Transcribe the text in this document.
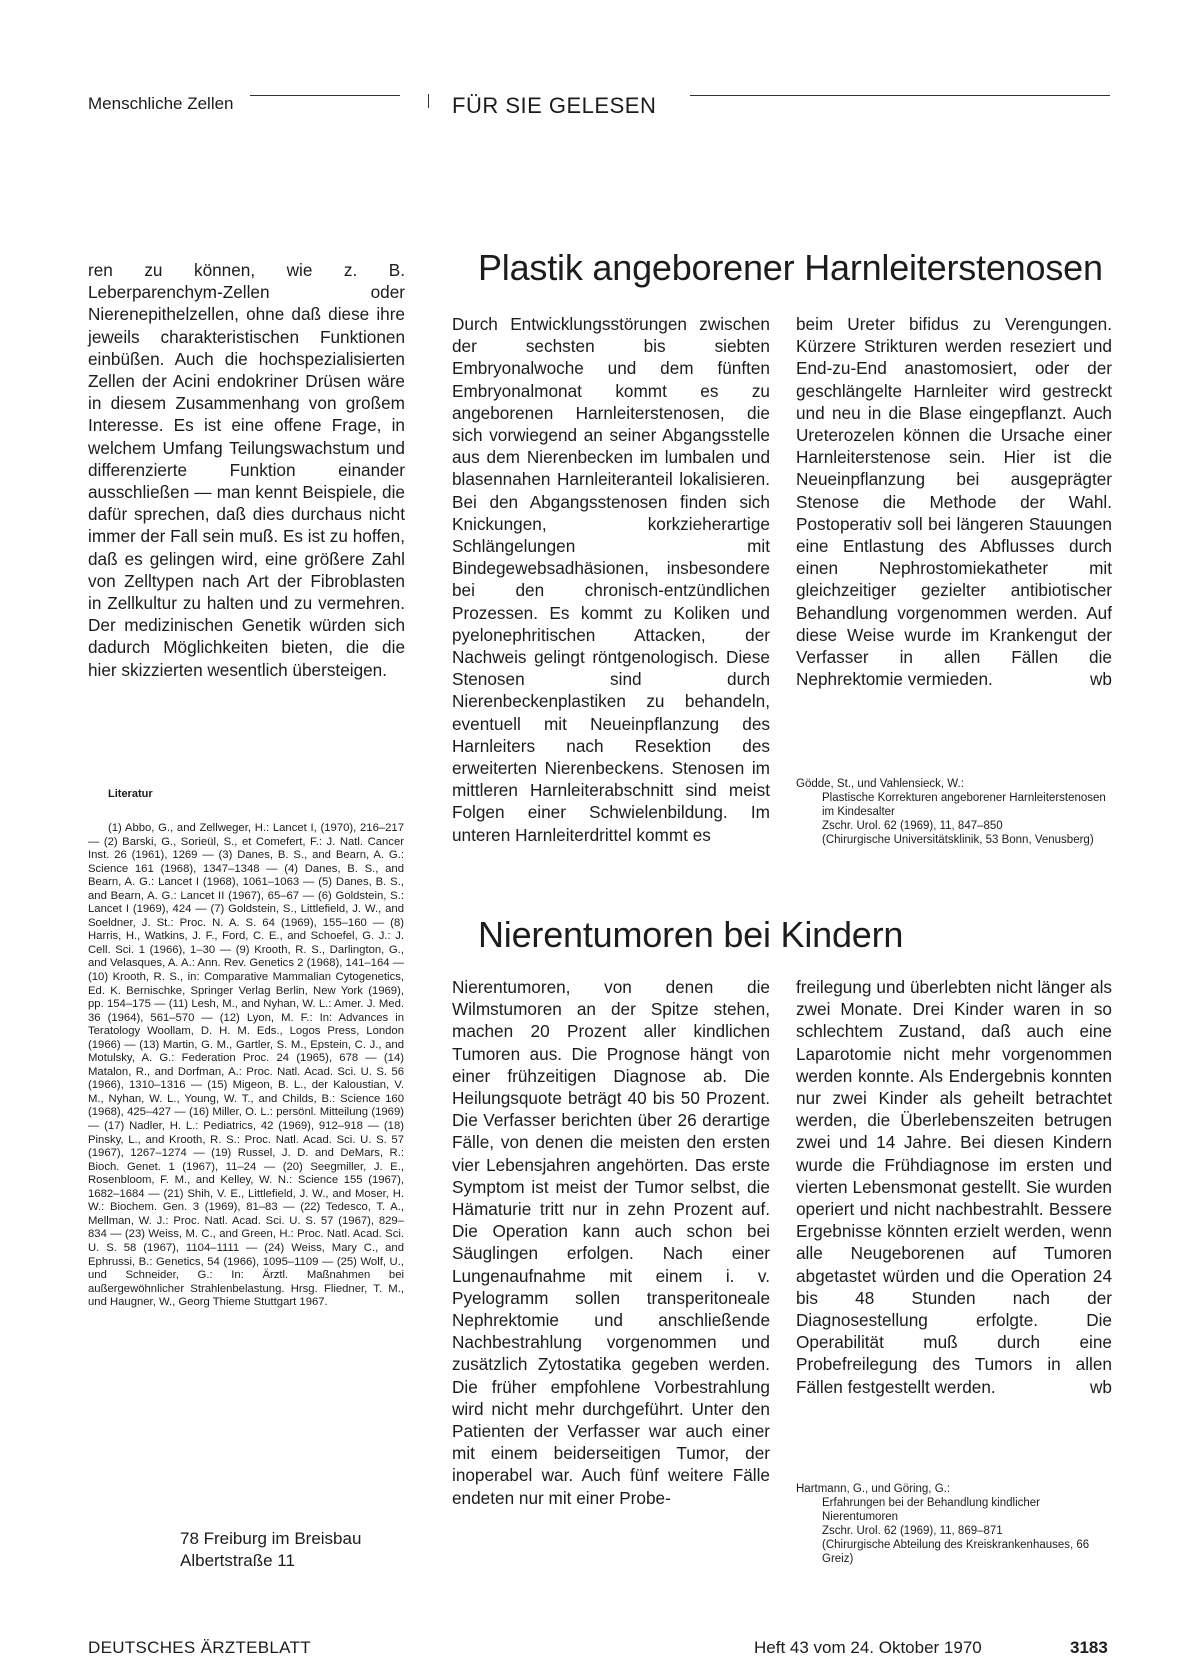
Menschliche Zellen	FÜR SIE GELESEN

ren zu können, wie z. B. Leberparenchym-Zellen oder Nierenepithelzellen, ohne daß diese ihre jeweils charakteristischen Funktionen einbüßen. Auch die hochspezialisierten Zellen der Acini endokriner Drüsen wäre in diesem Zusammenhang von großem Interesse. Es ist eine offene Frage, in welchem Umfang Teilungswachstum und differenzierte Funktion einander ausschließen — man kennt Beispiele, die dafür sprechen, daß dies durchaus nicht immer der Fall sein muß. Es ist zu hoffen, daß es gelingen wird, eine größere Zahl von Zelltypen nach Art der Fibroblasten in Zellkultur zu halten und zu vermehren. Der medizinischen Genetik würden sich dadurch Möglichkeiten bieten, die die hier skizzierten wesentlich übersteigen.

Literatur

(1) Abbo, G., and Zellweger, H.: Lancet I, (1970), 216–217 — (2) Barski, G., Sorieül, S., et Comefert, F.: J. Natl. Cancer Inst. 26 (1961), 1269 — (3) Danes, B. S., and Bearn, A. G.: Science 161 (1968), 1347–1348 — (4) Danes, B. S., and Bearn, A. G.: Lancet I (1968), 1061–1063 — (5) Danes, B. S., and Bearn, A. G.: Lancet II (1967), 65–67 — (6) Goldstein, S.: Lancet I (1969), 424 — (7) Goldstein, S., Littlefield, J. W., and Soeldner, J. St.: Proc. N. A. S. 64 (1969), 155–160 — (8) Harris, H., Watkins, J. F., Ford, C. E., and Schoefel, G. J.: J. Cell. Sci. 1 (1966), 1–30 — (9) Krooth, R. S., Darlington, G., and Velasques, A. A.: Ann. Rev. Genetics 2 (1968), 141–164 — (10) Krooth, R. S., in: Comparative Mammalian Cytogenetics, Ed. K. Bernischke, Springer Verlag Berlin, New York (1969), pp. 154–175 — (11) Lesh, M., and Nyhan, W. L.: Amer. J. Med. 36 (1964), 561–570 — (12) Lyon, M. F.: In: Advances in Teratology Woollam, D. H. M. Eds., Logos Press, London (1966) — (13) Martin, G. M., Gartler, S. M., Epstein, C. J., and Motulsky, A. G.: Federation Proc. 24 (1965), 678 — (14) Matalon, R., and Dorfman, A.: Proc. Natl. Acad. Sci. U. S. 56 (1966), 1310–1316 — (15) Migeon, B. L., der Kaloustian, V. M., Nyhan, W. L., Young, W. T., and Childs, B.: Science 160 (1968), 425–427 — (16) Miller, O. L.: persönl. Mitteilung (1969) — (17) Nadler, H. L.: Pediatrics, 42 (1969), 912–918 — (18) Pinsky, L., and Krooth, R. S.: Proc. Natl. Acad. Sci. U. S. 57 (1967), 1267–1274 — (19) Russel, J. D. and DeMars, R.: Bioch. Genet. 1 (1967), 11–24 — (20) Seegmiller, J. E., Rosenbloom, F. M., and Kelley, W. N.: Science 155 (1967), 1682–1684 — (21) Shih, V. E., Littlefield, J. W., and Moser, H. W.: Biochem. Gen. 3 (1969), 81–83 — (22) Tedesco, T. A., Mellman, W. J.: Proc. Natl. Acad. Sci. U. S. 57 (1967), 829–834 — (23) Weiss, M. C., and Green, H.: Proc. Natl. Acad. Sci. U. S. 58 (1967), 1104–1111 — (24) Weiss, Mary C., and Ephrussi, B.: Genetics, 54 (1966), 1095–1109 — (25) Wolf, U., und Schneider, G.: In: Ärztl. Maßnahmen bei außergewöhnlicher Strahlenbelastung. Hrsg. Fliedner, T. M., und Haugner, W., Georg Thieme Stuttgart 1967.

78 Freiburg im Breisbau
Albertstraße 11
Plastik angeborener Harnleiterstenosen

Durch Entwicklungsstörungen zwischen der sechsten bis siebten Embryonalwoche und dem fünften Embryonalmonat kommt es zu angeborenen Harnleiterstenosen, die sich vorwiegend an seiner Abgangsstelle aus dem Nierenbecken im lumbalen und blasennahen Harnleiteranteil lokalisieren. Bei den Abgangsstenosen finden sich Knickungen, korkzieherartige Schlängelungen mit Bindegewebsadhäsionen, insbesondere bei den chronisch-entzündlichen Prozessen. Es kommt zu Koliken und pyelonephritischen Attacken, der Nachweis gelingt röntgenologisch. Diese Stenosen sind durch Nierenbeckenplastiken zu behandeln, eventuell mit Neueinpflanzung des Harnleiters nach Resektion des erweiterten Nierenbeckens. Stenosen im mittleren Harnleiterabschnitt sind meist Folgen einer Schwielenbildung. Im unteren Harnleiterdrittel kommt es

beim Ureter bifidus zu Verengungen. Kürzere Strikturen werden reseziert und End-zu-End anastomosiert, oder der geschlängelte Harnleiter wird gestreckt und neu in die Blase eingepflanzt. Auch Ureterozelen können die Ursache einer Harnleiterstenose sein. Hier ist die Neueinpflanzung bei ausgeprägter Stenose die Methode der Wahl. Postoperativ soll bei längeren Stauungen eine Entlastung des Abflusses durch einen Nephrostomiekatheter mit gleichzeitiger gezielter antibiotischer Behandlung vorgenommen werden. Auf diese Weise wurde im Krankengut der Verfasser in allen Fällen die Nephrektomie vermieden.	wb

Gödde, St., und Vahlensieck, W.:
Plastische Korrekturen angeborener Harnleiterstenosen im Kindesalter
Zschr. Urol. 62 (1969), 11, 847–850
(Chirurgische Universitätsklinik, 53 Bonn, Venusberg)
Nierentumoren bei Kindern

Nierentumoren, von denen die Wilmstumoren an der Spitze stehen, machen 20 Prozent aller kindlichen Tumoren aus. Die Prognose hängt von einer frühzeitigen Diagnose ab. Die Heilungsquote beträgt 40 bis 50 Prozent. Die Verfasser berichten über 26 derartige Fälle, von denen die meisten den ersten vier Lebensjahren angehörten. Das erste Symptom ist meist der Tumor selbst, die Hämaturie tritt nur in zehn Prozent auf. Die Operation kann auch schon bei Säuglingen erfolgen. Nach einer Lungenaufnahme mit einem i. v. Pyelogramm sollen transperitoneale Nephrektomie und anschließende Nachbestrahlung vorgenommen und zusätzlich Zytostatika gegeben werden. Die früher empfohlene Vorbestrahlung wird nicht mehr durchgeführt. Unter den Patienten der Verfasser war auch einer mit einem beiderseitigen Tumor, der inoperabel war. Auch fünf weitere Fälle endeten nur mit einer Probe-

freilegung und überlebten nicht länger als zwei Monate. Drei Kinder waren in so schlechtem Zustand, daß auch eine Laparotomie nicht mehr vorgenommen werden konnte. Als Endergebnis konnten nur zwei Kinder als geheilt betrachtet werden, die Überlebenszeiten betrugen zwei und 14 Jahre. Bei diesen Kindern wurde die Frühdiagnose im ersten und vierten Lebensmonat gestellt. Sie wurden operiert und nicht nachbestrahlt. Bessere Ergebnisse könnten erzielt werden, wenn alle Neugeborenen auf Tumoren abgetastet würden und die Operation 24 bis 48 Stunden nach der Diagnosestellung erfolgte. Die Operabilität muß durch eine Probefreilegung des Tumors in allen Fällen festgestellt werden.	wb

Hartmann, G., und Göring, G.:
Erfahrungen bei der Behandlung kindlicher Nierentumoren
Zschr. Urol. 62 (1969), 11, 869–871
(Chirurgische Abteilung des Kreiskrankenhauses, 66 Greiz)
DEUTSCHES ÄRZTEBLATT	Heft 43 vom 24. Oktober 1970	3183
